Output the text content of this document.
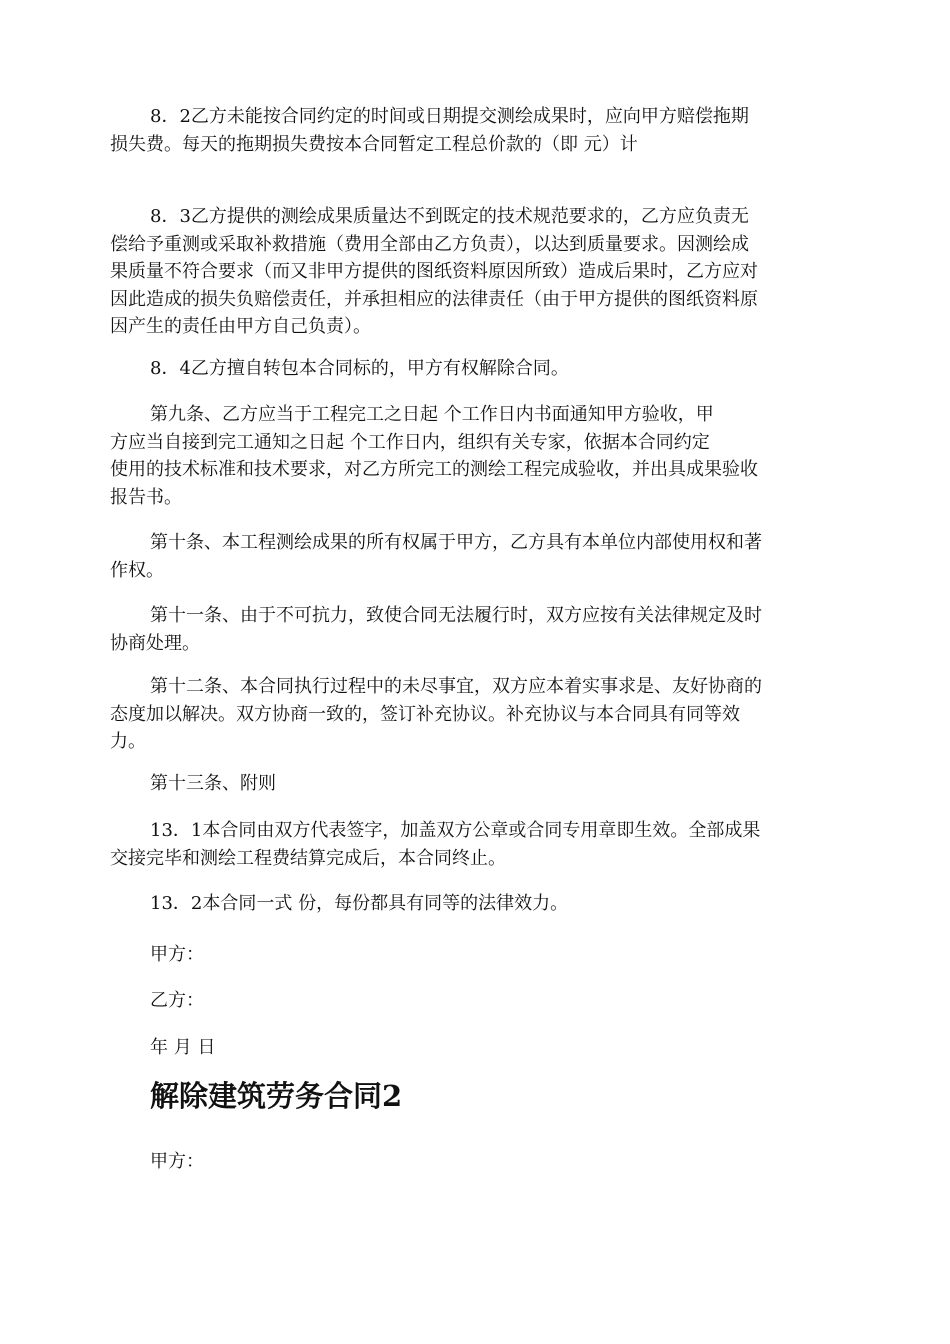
8．2乙方未能按合同约定的时间或日期提交测绘成果时，应向甲方赔偿拖期
损失费。每天的拖期损失费按本合同暂定工程总价款的（即 元）计

8．3乙方提供的测绘成果质量达不到既定的技术规范要求的，乙方应负责无
偿给予重测或采取补救措施（费用全部由乙方负责），以达到质量要求。因测绘成
果质量不符合要求（而又非甲方提供的图纸资料原因所致）造成后果时，乙方应对
因此造成的损失负赔偿责任，并承担相应的法律责任（由于甲方提供的图纸资料原
因产生的责任由甲方自己负责）。

8．4乙方擅自转包本合同标的，甲方有权解除合同。

第九条、乙方应当于工程完工之日起 个工作日内书面通知甲方验收，甲
方应当自接到完工通知之日起 个工作日内，组织有关专家，依据本合同约定
使用的技术标准和技术要求，对乙方所完工的测绘工程完成验收，并出具成果验收
报告书。

第十条、本工程测绘成果的所有权属于甲方，乙方具有本单位内部使用权和著
作权。

第十一条、由于不可抗力，致使合同无法履行时，双方应按有关法律规定及时
协商处理。

第十二条、本合同执行过程中的未尽事宜，双方应本着实事求是、友好协商的
态度加以解决。双方协商一致的，签订补充协议。补充协议与本合同具有同等效
力。

第十三条、附则

13．1本合同由双方代表签字，加盖双方公章或合同专用章即生效。全部成果
交接完毕和测绘工程费结算完成后，本合同终止。

13．2本合同一式 份，每份都具有同等的法律效力。

甲方：

乙方：

年 月 日

解除建筑劳务合同2

甲方：
